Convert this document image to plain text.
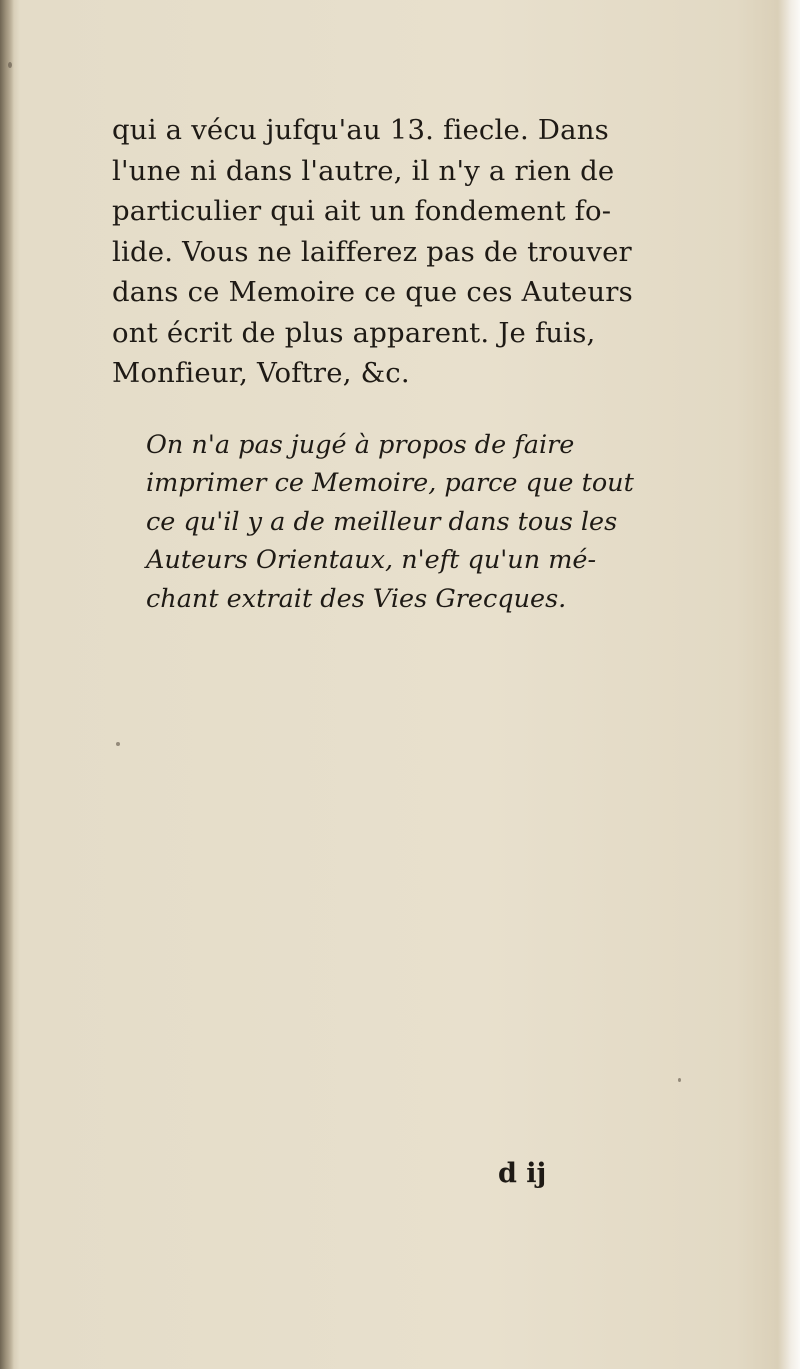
qui a vécu jufqu'au 13. fiecle. Dans
l'une ni dans l'autre, il n'y a rien de
particulier qui ait un fondement fo-
lide. Vous ne laifferez pas de trouver
dans ce Memoire ce que ces Auteurs
ont écrit de plus apparent. Je fuis,
Monfieur, Voftre, &c.
On n'a pas jugé à propos de faire
imprimer ce Memoire, parce que tout
ce qu'il y a de meilleur dans tous les
Auteurs Orientaux, n'eft qu'un mé-
chant extrait des Vies Grecques.
d ij
